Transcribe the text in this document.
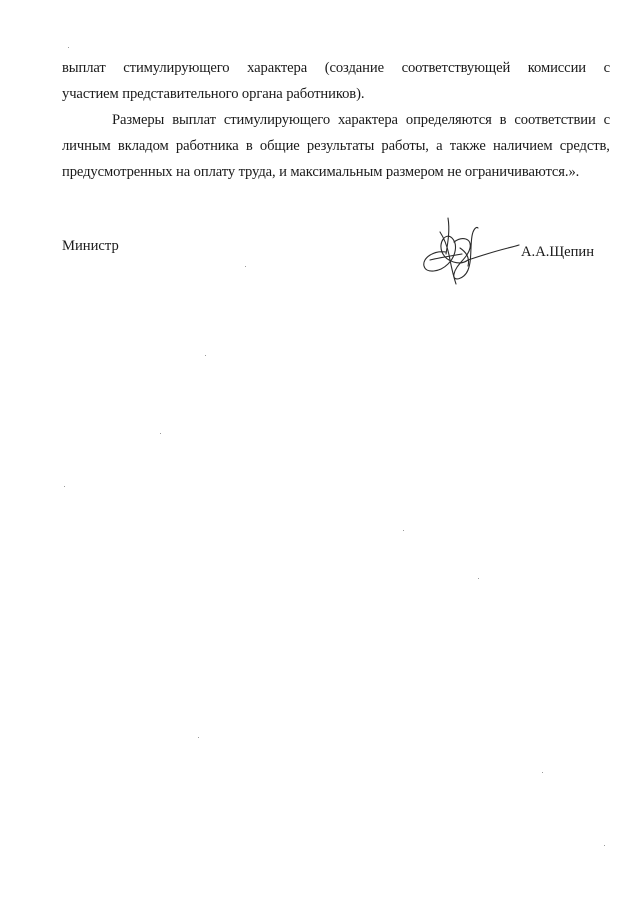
выплат стимулирующего характера (создание соответствующей комиссии с
участием представительного органа работников).
Размеры выплат стимулирующего характера определяются в соответствии с
личным вкладом работника в общие результаты работы, а также наличием средств,
предусмотренных на оплату труда, и максимальным размером не ограничиваются.».
Министр	А.А.Щепин
